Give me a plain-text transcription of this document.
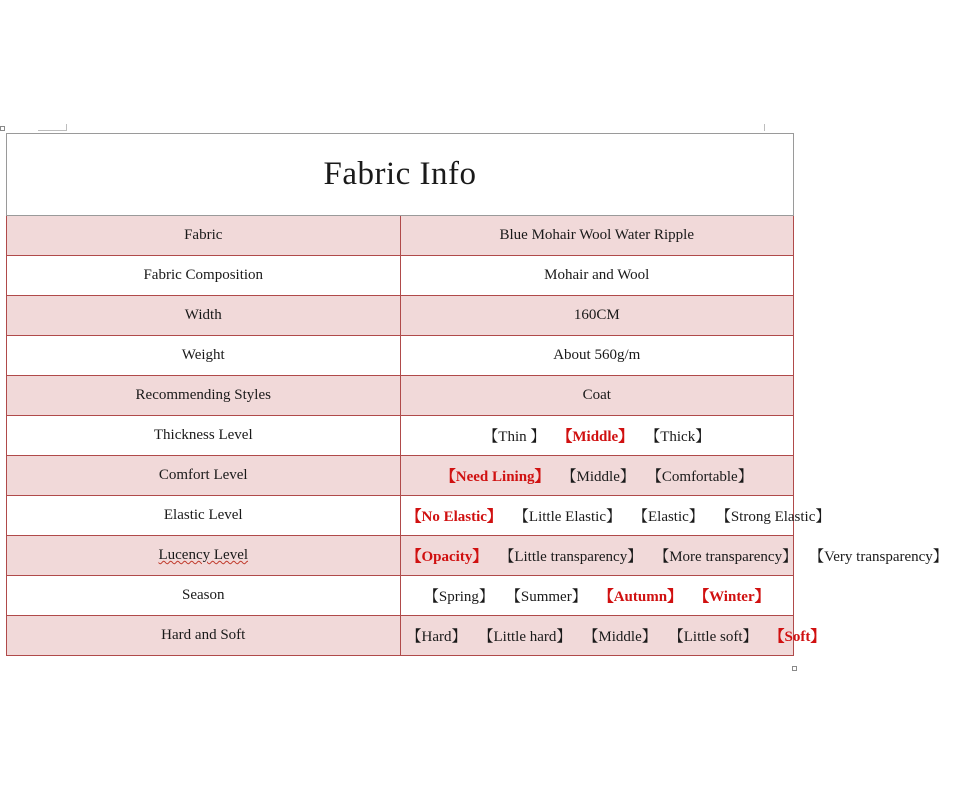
Fabric Info	
Fabric	Blue Mohair Wool Water Ripple
Fabric Composition	Mohair and Wool
Width	160CM
Weight	About 560g/m
Recommending Styles	Coat
Thickness Level	【Thin 】 【Middle】 【Thick】
Comfort Level	【Need Lining】 【Middle】 【Comfortable】
Elastic Level	【No Elastic】 【Little Elastic】 【Elastic】 【Strong Elastic】
Lucency Level	【Opacity】 【Little transparency】 【More transparency】 【Very transparency】
Season	【Spring】 【Summer】 【Autumn】 【Winter】
Hard and Soft	【Hard】 【Little hard】 【Middle】 【Little soft】 【Soft】
